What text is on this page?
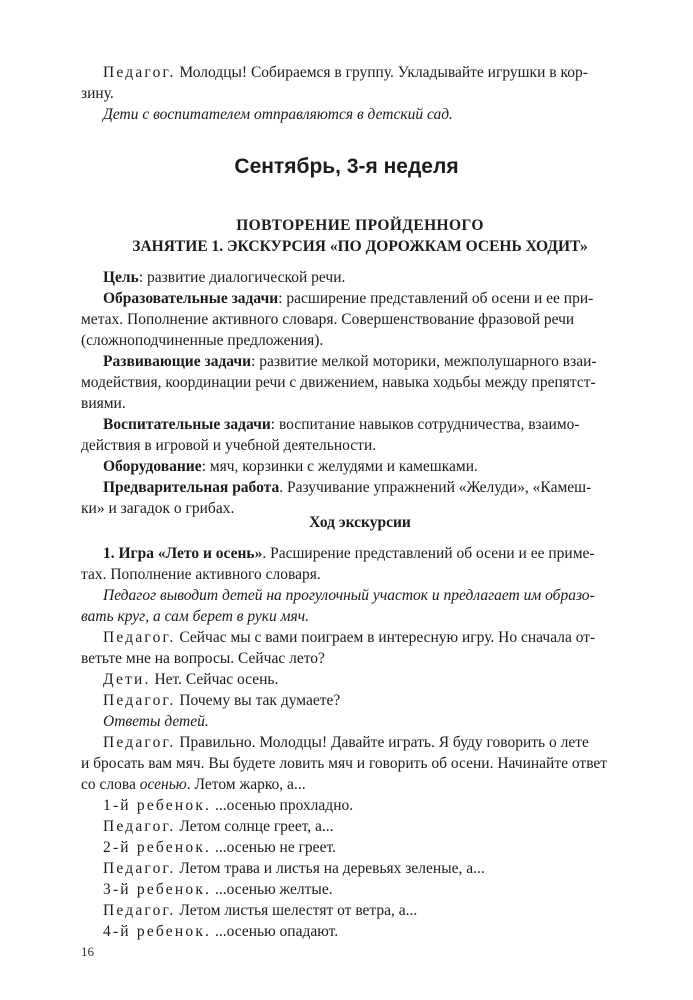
Педагог. Молодцы! Собираемся в группу. Укладывайте игрушки в кор-

зину.

Дети с воспитателем отправляются в детский сад.

Сентябрь, 3-я неделя
ПОВТОРЕНИЕ ПРОЙДЕННОГО
ЗАНЯТИЕ 1. ЭКСКУРСИЯ «ПО ДОРОЖКАМ ОСЕНЬ ХОДИТ»

Цель: развитие диалогической речи.

Образовательные задачи: расширение представлений об осени и ее при-

метах. Пополнение активного словаря. Совершенствование фразовой речи

(сложноподчиненные предложения).

Развивающие задачи: развитие мелкой моторики, межполушарного взаи-

модействия, координации речи с движением, навыка ходьбы между препятст-

виями.

Воспитательные задачи: воспитание навыков сотрудничества, взаимо-

действия в игровой и учебной деятельности.

Оборудование: мяч, корзинки с желудями и камешками.

Предварительная работа. Разучивание упражнений «Желуди», «Камеш-

ки» и загадок о грибах.

Ход экскурсии

1. Игра «Лето и осень». Расширение представлений об осени и ее приме-

тах. Пополнение активного словаря.

Педагог выводит детей на прогулочный участок и предлагает им образо-

вать круг, а сам берет в руки мяч.

Педагог. Сейчас мы с вами поиграем в интересную игру. Но сначала от-

ветьте мне на вопросы. Сейчас лето?

Дети. Нет. Сейчас осень.

Педагог. Почему вы так думаете?

Ответы детей.

Педагог. Правильно. Молодцы! Давайте играть. Я буду говорить о лете

и бросать вам мяч. Вы будете ловить мяч и говорить об осени. Начинайте ответ

со слова осенью. Летом жарко, а...

1-й ребенок. ...осенью прохладно.

Педагог. Летом солнце греет, а...

2-й ребенок. ...осенью не греет.

Педагог. Летом трава и листья на деревьях зеленые, а...

3-й ребенок. ...осенью желтые.

Педагог. Летом листья шелестят от ветра, а...

4-й ребенок. ...осенью опадают.

16
